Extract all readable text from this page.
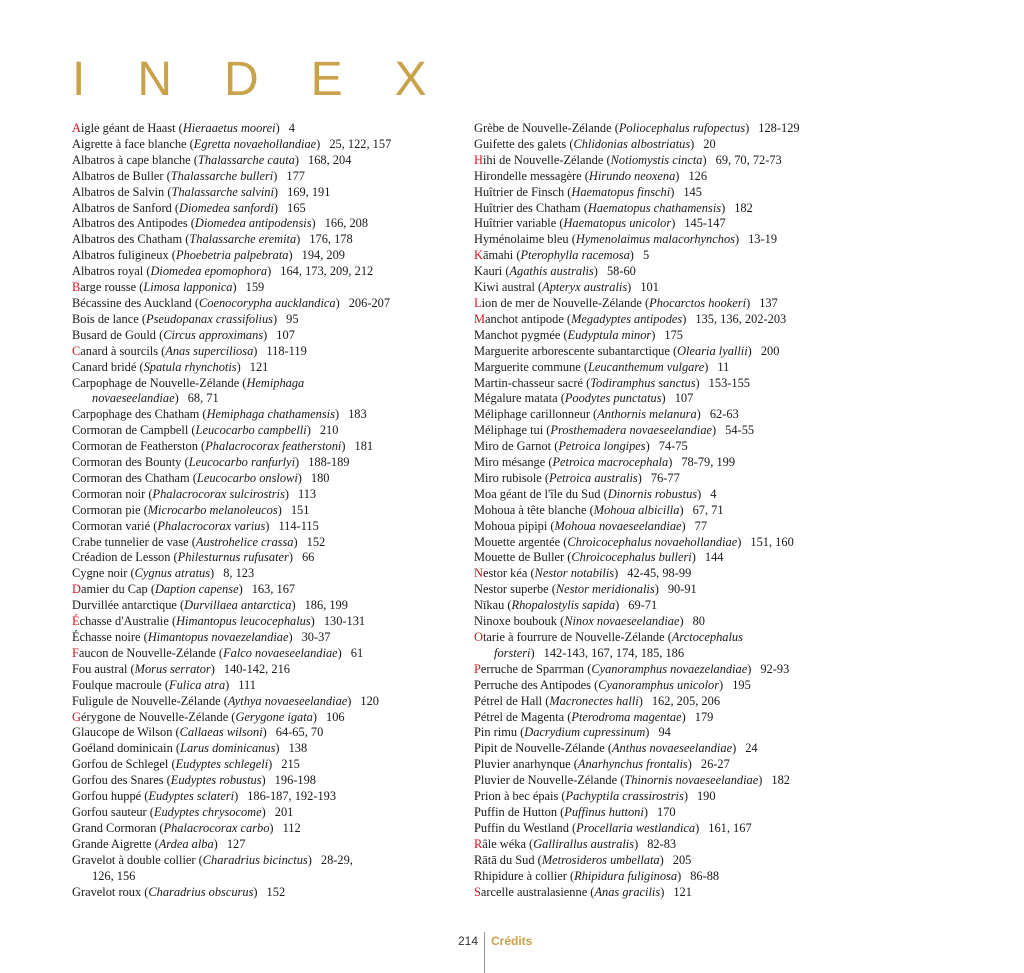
INDEX
Aigle géant de Haast (Hieraaetus moorei) 4
Aigrette à face blanche (Egretta novaehollandiae) 25, 122, 157
Albatros à cape blanche (Thalassarche cauta) 168, 204
Albatros de Buller (Thalassarche bulleri) 177
Albatros de Salvin (Thalassarche salvini) 169, 191
Albatros de Sanford (Diomedea sanfordi) 165
Albatros des Antipodes (Diomedea antipodensis) 166, 208
Albatros des Chatham (Thalassarche eremita) 176, 178
Albatros fuligineux (Phoebetria palpebrata) 194, 209
Albatros royal (Diomedea epomophora) 164, 173, 209, 212
Barge rousse (Limosa lapponica) 159
Bécassine des Auckland (Coenocorypha aucklandica) 206-207
Bois de lance (Pseudopanax crassifolius) 95
Busard de Gould (Circus approximans) 107
Canard à sourcils (Anas superciliosa) 118-119
Canard bridé (Spatula rhynchotis) 121
Carpophage de Nouvelle-Zélande (Hemiphaga
novaeseelandiae) 68, 71
Carpophage des Chatham (Hemiphaga chathamensis) 183
Cormoran de Campbell (Leucocarbo campbelli) 210
Cormoran de Featherston (Phalacrocorax featherstoni) 181
Cormoran des Bounty (Leucocarbo ranfurlyi) 188-189
Cormoran des Chatham (Leucocarbo onslowi) 180
Cormoran noir (Phalacrocorax sulcirostris) 113
Cormoran pie (Microcarbo melanoleucos) 151
Cormoran varié (Phalacrocorax varius) 114-115
Crabe tunnelier de vase (Austrohelice crassa) 152
Créadion de Lesson (Philesturnus rufusater) 66
Cygne noir (Cygnus atratus) 8, 123
Damier du Cap (Daption capense) 163, 167
Durvillée antarctique (Durvillaea antarctica) 186, 199
Échasse d'Australie (Himantopus leucocephalus) 130-131
Échasse noire (Himantopus novaezelandiae) 30-37
Faucon de Nouvelle-Zélande (Falco novaeseelandiae) 61
Fou austral (Morus serrator) 140-142, 216
Foulque macroule (Fulica atra) 111
Fuligule de Nouvelle-Zélande (Aythya novaeseelandiae) 120
Gérygone de Nouvelle-Zélande (Gerygone igata) 106
Glaucope de Wilson (Callaeas wilsoni) 64-65, 70
Goéland dominicain (Larus dominicanus) 138
Gorfou de Schlegel (Eudyptes schlegeli) 215
Gorfou des Snares (Eudyptes robustus) 196-198
Gorfou huppé (Eudyptes sclateri) 186-187, 192-193
Gorfou sauteur (Eudyptes chrysocome) 201
Grand Cormoran (Phalacrocorax carbo) 112
Grande Aigrette (Ardea alba) 127
Gravelot à double collier (Charadrius bicinctus) 28-29,
126, 156
Gravelot roux (Charadrius obscurus) 152
Grèbe de Nouvelle-Zélande (Poliocephalus rufopectus) 128-129
Guifette des galets (Chlidonias albostriatus) 20
Hihi de Nouvelle-Zélande (Notiomystis cincta) 69, 70, 72-73
Hirondelle messagère (Hirundo neoxena) 126
Huîtrier de Finsch (Haematopus finschi) 145
Huîtrier des Chatham (Haematopus chathamensis) 182
Huîtrier variable (Haematopus unicolor) 145-147
Hyménolaime bleu (Hymenolaimus malacorhynchos) 13-19
Kāmahi (Pterophylla racemosa) 5
Kauri (Agathis australis) 58-60
Kiwi austral (Apteryx australis) 101
Lion de mer de Nouvelle-Zélande (Phocarctos hookeri) 137
Manchot antipode (Megadyptes antipodes) 135, 136, 202-203
Manchot pygmée (Eudyptula minor) 175
Marguerite arborescente subantarctique (Olearia lyallii) 200
Marguerite commune (Leucanthemum vulgare) 11
Martin-chasseur sacré (Todiramphus sanctus) 153-155
Mégalure matata (Poodytes punctatus) 107
Méliphage carillonneur (Anthornis melanura) 62-63
Méliphage tui (Prosthemadera novaeseelandiae) 54-55
Miro de Garnot (Petroica longipes) 74-75
Miro mésange (Petroica macrocephala) 78-79, 199
Miro rubisole (Petroica australis) 76-77
Moa géant de l'île du Sud (Dinornis robustus) 4
Mohoua à tête blanche (Mohoua albicilla) 67, 71
Mohoua pipipi (Mohoua novaeseelandiae) 77
Mouette argentée (Chroicocephalus novaehollandiae) 151, 160
Mouette de Buller (Chroicocephalus bulleri) 144
Nestor kéa (Nestor notabilis) 42-45, 98-99
Nestor superbe (Nestor meridionalis) 90-91
Nīkau (Rhopalostylis sapida) 69-71
Ninoxe boubouk (Ninox novaeseelandiae) 80
Otarie à fourrure de Nouvelle-Zélande (Arctocephalus
forsteri) 142-143, 167, 174, 185, 186
Perruche de Sparrman (Cyanoramphus novaezelandiae) 92-93
Perruche des Antipodes (Cyanoramphus unicolor) 195
Pétrel de Hall (Macronectes halli) 162, 205, 206
Pétrel de Magenta (Pterodroma magentae) 179
Pin rimu (Dacrydium cupressinum) 94
Pipit de Nouvelle-Zélande (Anthus novaeseelandiae) 24
Pluvier anarhynque (Anarhynchus frontalis) 26-27
Pluvier de Nouvelle-Zélande (Thinornis novaeseelandiae) 182
Prion à bec épais (Pachyptila crassirostris) 190
Puffin de Hutton (Puffinus huttoni) 170
Puffin du Westland (Procellaria westlandica) 161, 167
Râle wéka (Gallirallus australis) 82-83
Rātā du Sud (Metrosideros umbellata) 205
Rhipidure à collier (Rhipidura fuliginosa) 86-88
Sarcelle australasienne (Anas gracilis) 121
214 Crédits
